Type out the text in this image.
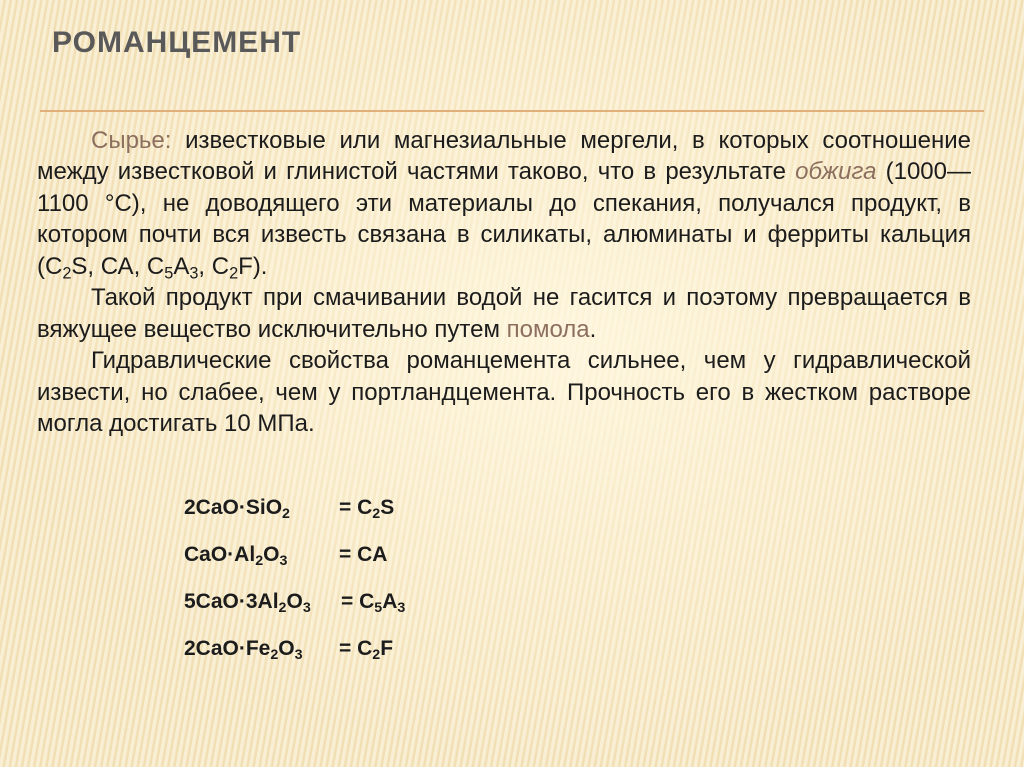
РОМАНЦЕМЕНТ

Сырье: известковые или магнезиальные мергели, в которых соотношение между известковой и глинистой частями таково, что в результате обжига (1000—1100 °С), не доводящего эти материалы до спекания, получался продукт, в котором почти вся известь связана в силикаты, алюминаты и ферриты кальция ($С_2S$, СА, $С_5А_3$, $С_2F$).

Такой продукт при смачивании водой не гасится и поэтому превращается в вяжущее вещество исключительно путем помола.

Гидравлические свойства романцемента сильнее, чем у гидравлической извести, но слабее, чем у портландцемента. Прочность его в жестком растворе могла достигать 10 МПа.

$2CaO\cdot SiO_2 = C_2S$
$CaO\cdot Al_2O_3$ = CA
$5CaO\cdot 3Al_2O_3 = C_5A_3$
$2CaO\cdot Fe_2O_3 = C_2F$
